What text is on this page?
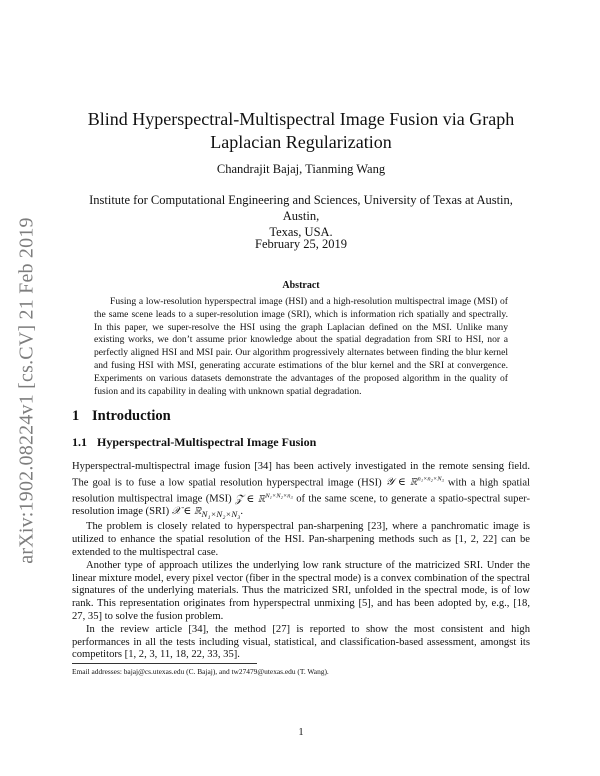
arXiv:1902.08224v1 [cs.CV] 21 Feb 2019
Blind Hyperspectral-Multispectral Image Fusion via Graph
Laplacian Regularization
Chandrajit Bajaj, Tianming Wang
Institute for Computational Engineering and Sciences, University of Texas at Austin, Austin,
Texas, USA.
February 25, 2019
Abstract
Fusing a low-resolution hyperspectral image (HSI) and a high-resolution multispectral image (MSI) of the same scene leads to a super-resolution image (SRI), which is information rich spatially and spectrally. In this paper, we super-resolve the HSI using the graph Laplacian defined on the MSI. Unlike many existing works, we don’t assume prior knowledge about the spatial degradation from SRI to HSI, nor a perfectly aligned HSI and MSI pair. Our algorithm progressively alternates between finding the blur kernel and fusing HSI with MSI, generating accurate estimations of the blur kernel and the SRI at convergence. Experiments on various datasets demonstrate the advantages of the proposed algorithm in the quality of fusion and its capability in dealing with unknown spatial degradation.
1 Introduction
1.1 Hyperspectral-Multispectral Image Fusion

Hyperspectral-multispectral image fusion [34] has been actively investigated in the remote sensing field. The goal is to fuse a low spatial resolution hyperspectral image (HSI) 𝒴 ∈ ℝ$^{n_1\times n_2\times N_3}$ with a high spatial resolution multispectral image (MSI) 𝒵 ∈ ℝ$^{N_1\times N_2\times n_3}$ of the same scene, to generate a spatio-spectral super-resolution image (SRI) 𝒳 ∈ ℝ$_{N_1\times N_2\times N_3}$.

The problem is closely related to hyperspectral pan-sharpening [23], where a panchromatic image is utilized to enhance the spatial resolution of the HSI. Pan-sharpening methods such as [1, 2, 22] can be extended to the multispectral case.

Another type of approach utilizes the underlying low rank structure of the matricized SRI. Under the linear mixture model, every pixel vector (fiber in the spectral mode) is a convex combination of the spectral signatures of the underlying materials. Thus the matricized SRI, unfolded in the spectral mode, is of low rank. This representation originates from hyperspectral unmixing [5], and has been adopted by, e.g., [18, 27, 35] to solve the fusion problem.

In the review article [34], the method [27] is reported to show the most consistent and high performances in all the tests including visual, statistical, and classification-based assessment, amongst its competitors [1, 2, 3, 11, 18, 22, 33, 35].

Email addresses: bajaj@cs.utexas.edu (C. Bajaj), and tw27479@utexas.edu (T. Wang).
1
